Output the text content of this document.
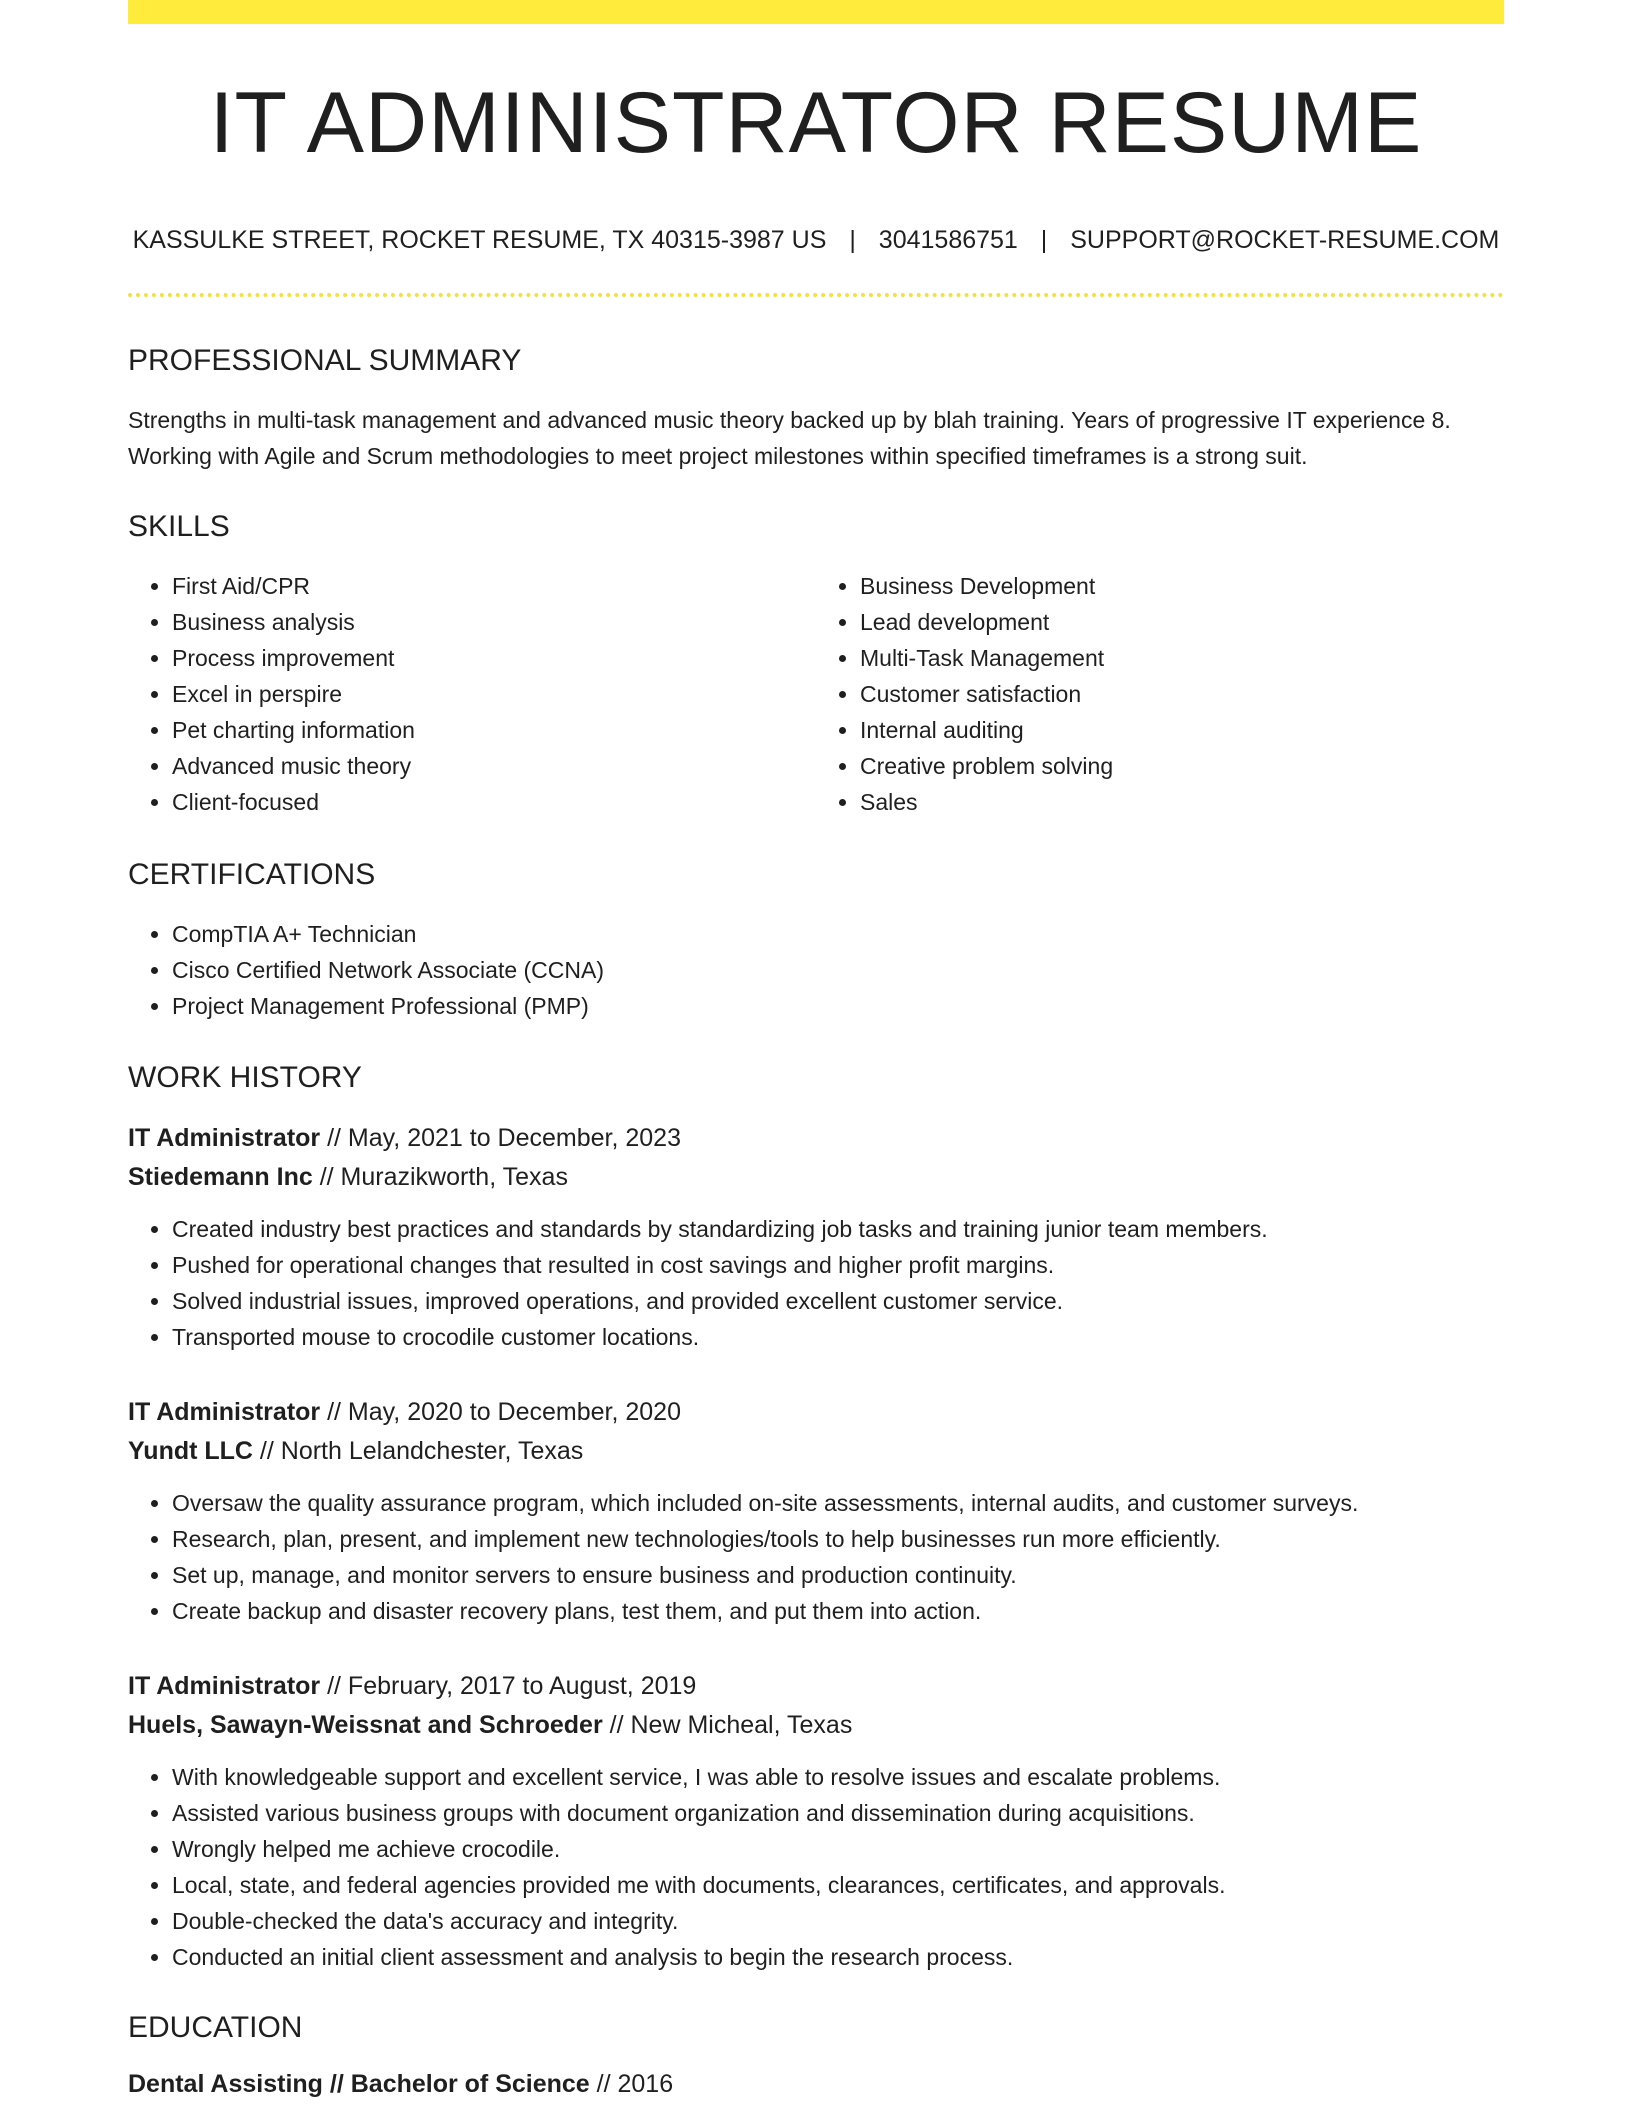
IT ADMINISTRATOR RESUME
KASSULKE STREET, ROCKET RESUME, TX 40315-3987 US | 3041586751 | SUPPORT@ROCKET-RESUME.COM
PROFESSIONAL SUMMARY

Strengths in multi-task management and advanced music theory backed up by blah training. Years of progressive IT experience 8. Working with Agile and Scrum methodologies to meet project milestones within specified timeframes is a strong suit.

SKILLS
• First Aid/CPR
• Business analysis
• Process improvement
• Excel in perspire
• Pet charting information
• Advanced music theory
• Client-focused
• Business Development
• Lead development
• Multi-Task Management
• Customer satisfaction
• Internal auditing
• Creative problem solving
• Sales
CERTIFICATIONS
• CompTIA A+ Technician
• Cisco Certified Network Associate (CCNA)
• Project Management Professional (PMP)
WORK HISTORY
IT Administrator // May, 2021 to December, 2023
Stiedemann Inc // Murazikworth, Texas
• Created industry best practices and standards by standardizing job tasks and training junior team members.
• Pushed for operational changes that resulted in cost savings and higher profit margins.
• Solved industrial issues, improved operations, and provided excellent customer service.
• Transported mouse to crocodile customer locations.
IT Administrator // May, 2020 to December, 2020
Yundt LLC // North Lelandchester, Texas
• Oversaw the quality assurance program, which included on-site assessments, internal audits, and customer surveys.
• Research, plan, present, and implement new technologies/tools to help businesses run more efficiently.
• Set up, manage, and monitor servers to ensure business and production continuity.
• Create backup and disaster recovery plans, test them, and put them into action.
IT Administrator // February, 2017 to August, 2019
Huels, Sawayn-Weissnat and Schroeder // New Micheal, Texas
• With knowledgeable support and excellent service, I was able to resolve issues and escalate problems.
• Assisted various business groups with document organization and dissemination during acquisitions.
• Wrongly helped me achieve crocodile.
• Local, state, and federal agencies provided me with documents, clearances, certificates, and approvals.
• Double-checked the data's accuracy and integrity.
• Conducted an initial client assessment and analysis to begin the research process.
EDUCATION
Dental Assisting // Bachelor of Science // 2016
